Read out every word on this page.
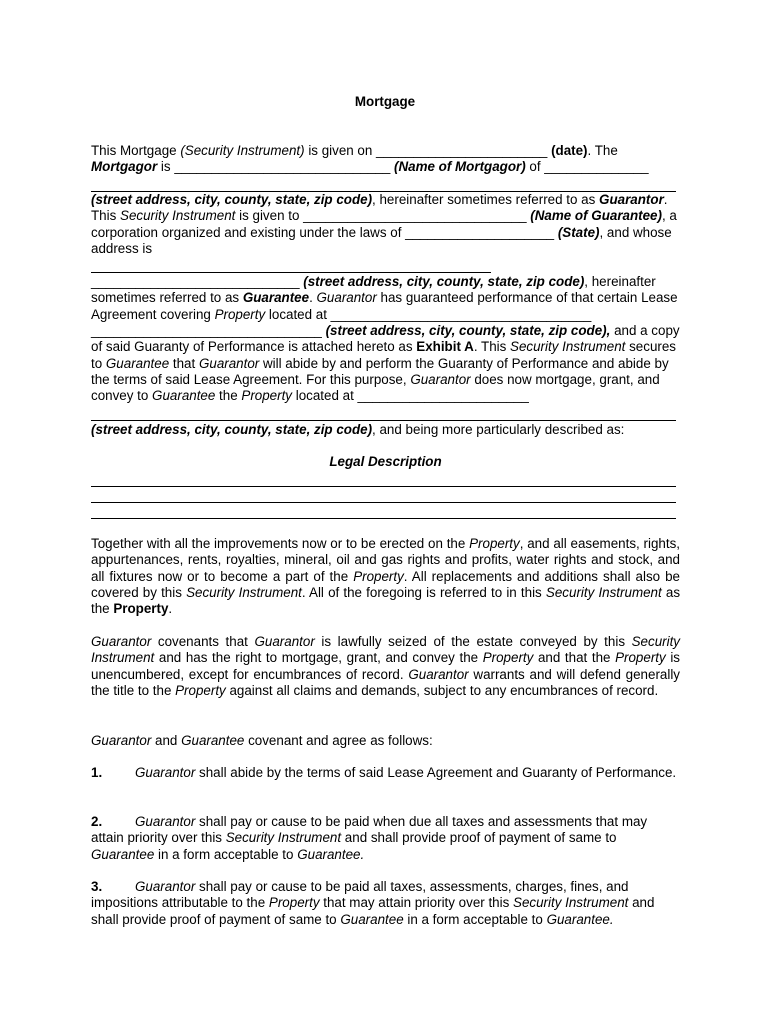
Mortgage

This Mortgage (Security Instrument) is given on _______________________ (date). The Mortgagor is _____________________________ (Name of Mortgagor) of ______________

(street address, city, county, state, zip code), hereinafter sometimes referred to as Guarantor. This Security Instrument is given to ______________________________ (Name of Guarantee), a corporation organized and existing under the laws of ____________________ (State), and whose address is

____________________________ (street address, city, county, state, zip code), hereinafter sometimes referred to as Guarantee. Guarantor has guaranteed performance of that certain Lease Agreement covering Property located at ___________________________________

_______________________________ (street address, city, county, state, zip code), and a copy of said Guaranty of Performance is attached hereto as Exhibit A. This Security Instrument secures to Guarantee that Guarantor will abide by and perform the Guaranty of Performance and abide by the terms of said Lease Agreement. For this purpose, Guarantor does now mortgage, grant, and convey to Guarantee the Property located at _______________________

(street address, city, county, state, zip code), and being more particularly described as:

Legal Description

Together with all the improvements now or to be erected on the Property, and all easements, rights, appurtenances, rents, royalties, mineral, oil and gas rights and profits, water rights and stock, and all fixtures now or to become a part of the Property. All replacements and additions shall also be covered by this Security Instrument. All of the foregoing is referred to in this Security Instrument as the Property.

Guarantor covenants that Guarantor is lawfully seized of the estate conveyed by this Security Instrument and has the right to mortgage, grant, and convey the Property and that the Property is unencumbered, except for encumbrances of record. Guarantor warrants and will defend generally the title to the Property against all claims and demands, subject to any encumbrances of record.

Guarantor and Guarantee covenant and agree as follows:

1. Guarantor shall abide by the terms of said Lease Agreement and Guaranty of Performance.

2. Guarantor shall pay or cause to be paid when due all taxes and assessments that may attain priority over this Security Instrument and shall provide proof of payment of same to Guarantee in a form acceptable to Guarantee.

3. Guarantor shall pay or cause to be paid all taxes, assessments, charges, fines, and impositions attributable to the Property that may attain priority over this Security Instrument and shall provide proof of payment of same to Guarantee in a form acceptable to Guarantee.
